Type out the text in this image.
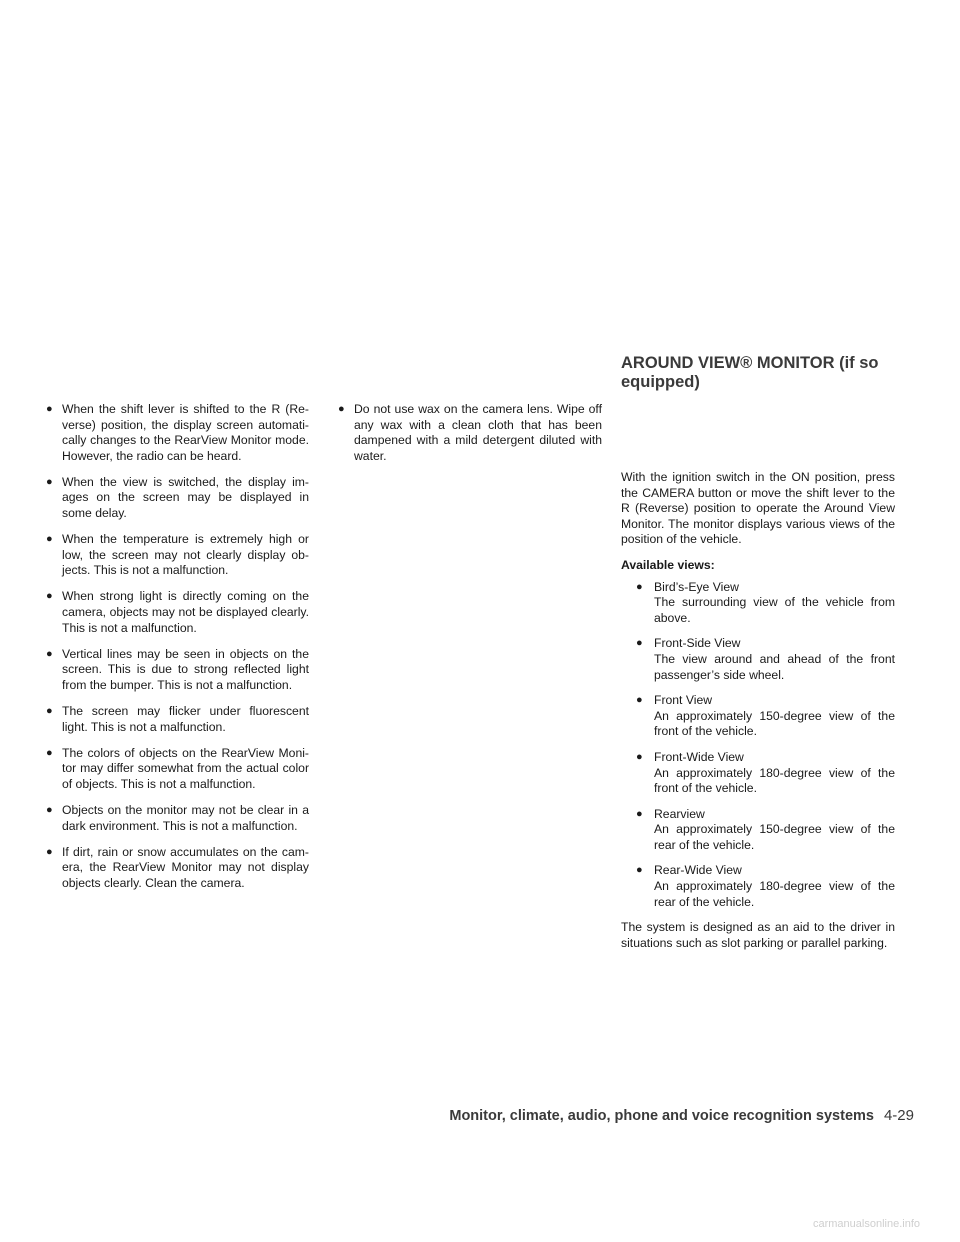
● When the shift lever is shifted to the R (Re-verse) position, the display screen automati-cally changes to the RearView Monitor mode. However, the radio can be heard.
● When the view is switched, the display im-ages on the screen may be displayed in some delay.
● When the temperature is extremely high or low, the screen may not clearly display ob-jects. This is not a malfunction.
● When strong light is directly coming on the camera, objects may not be displayed clearly. This is not a malfunction.
● Vertical lines may be seen in objects on the screen. This is due to strong reflected light from the bumper. This is not a malfunction.
● The screen may flicker under fluorescent light. This is not a malfunction.
● The colors of objects on the RearView Moni-tor may differ somewhat from the actual color of objects. This is not a malfunction.
● Objects on the monitor may not be clear in a dark environment. This is not a malfunction.
● If dirt, rain or snow accumulates on the cam-era, the RearView Monitor may not display objects clearly. Clean the camera.
● Do not use wax on the camera lens. Wipe off any wax with a clean cloth that has been dampened with a mild detergent diluted with water.
AROUND VIEW® MONITOR (if so equipped)

With the ignition switch in the ON position, press the CAMERA button or move the shift lever to the R (Reverse) position to operate the Around View Monitor. The monitor displays various views of the position of the vehicle.

Available views:

● Bird’s-Eye View
The surrounding view of the vehicle from above.
● Front-Side View
The view around and ahead of the front passenger’s side wheel.
● Front View
An approximately 150-degree view of the front of the vehicle.
● Front-Wide View
An approximately 180-degree view of the front of the vehicle.
● Rearview
An approximately 150-degree view of the rear of the vehicle.
● Rear-Wide View
An approximately 180-degree view of the rear of the vehicle.

The system is designed as an aid to the driver in situations such as slot parking or parallel parking.

Monitor, climate, audio, phone and voice recognition systems 4-29
carmanualsonline.info
